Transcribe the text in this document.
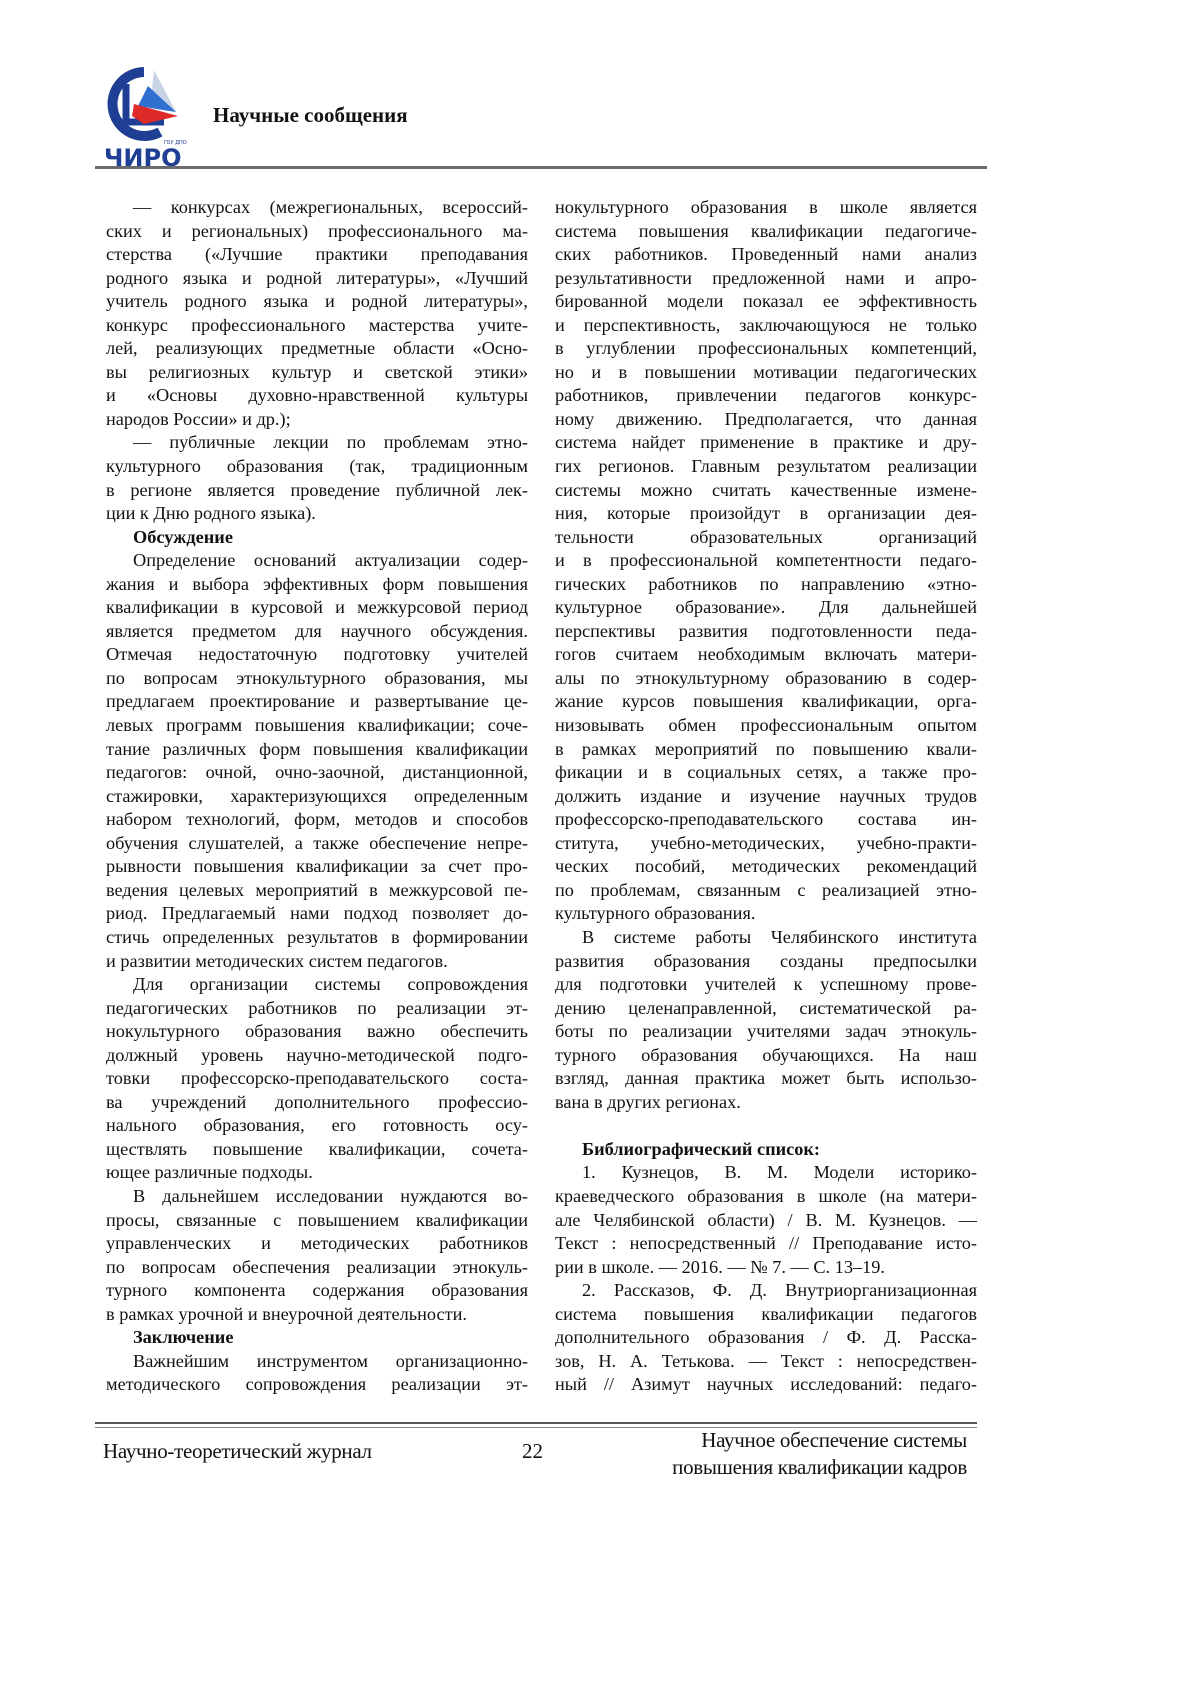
ГБУ ДПО
ЧИРО
Научные сообщения
— конкурсах (межрегиональных, всероссий-
ских и региональных) профессионального ма-
стерства («Лучшие практики преподавания
родного языка и родной литературы», «Лучший
учитель родного языка и родной литературы»,
конкурс профессионального мастерства учите-
лей, реализующих предметные области «Осно-
вы религиозных культур и светской этики»
и «Основы духовно-нравственной культуры
народов России» и др.);
— публичные лекции по проблемам этно-
культурного образования (так, традиционным
в регионе является проведение публичной лек-
ции к Дню родного языка).
Обсуждение
Определение оснований актуализации содер-
жания и выбора эффективных форм повышения
квалификации в курсовой и межкурсовой период
является предметом для научного обсуждения.
Отмечая недостаточную подготовку учителей
по вопросам этнокультурного образования, мы
предлагаем проектирование и развертывание це-
левых программ повышения квалификации; соче-
тание различных форм повышения квалификации
педагогов: очной, очно-заочной, дистанционной,
стажировки, характеризующихся определенным
набором технологий, форм, методов и способов
обучения слушателей, а также обеспечение непре-
рывности повышения квалификации за счет про-
ведения целевых мероприятий в межкурсовой пе-
риод. Предлагаемый нами подход позволяет до-
стичь определенных результатов в формировании
и развитии методических систем педагогов.
Для организации системы сопровождения
педагогических работников по реализации эт-
нокультурного образования важно обеспечить
должный уровень научно-методической подго-
товки профессорско-преподавательского соста-
ва учреждений дополнительного профессио-
нального образования, его готовность осу-
ществлять повышение квалификации, сочета-
ющее различные подходы.
В дальнейшем исследовании нуждаются во-
просы, связанные с повышением квалификации
управленческих и методических работников
по вопросам обеспечения реализации этнокуль-
турного компонента содержания образования
в рамках урочной и внеурочной деятельности.
Заключение
Важнейшим инструментом организационно-
методического сопровождения реализации эт-
нокультурного образования в школе является
система повышения квалификации педагогиче-
ских работников. Проведенный нами анализ
результативности предложенной нами и апро-
бированной модели показал ее эффективность
и перспективность, заключающуюся не только
в углублении профессиональных компетенций,
но и в повышении мотивации педагогических
работников, привлечении педагогов конкурс-
ному движению. Предполагается, что данная
система найдет применение в практике и дру-
гих регионов. Главным результатом реализации
системы можно считать качественные измене-
ния, которые произойдут в организации дея-
тельности образовательных организаций
и в профессиональной компетентности педаго-
гических работников по направлению «этно-
культурное образование». Для дальнейшей
перспективы развития подготовленности педа-
гогов считаем необходимым включать матери-
алы по этнокультурному образованию в содер-
жание курсов повышения квалификации, орга-
низовывать обмен профессиональным опытом
в рамках мероприятий по повышению квали-
фикации и в социальных сетях, а также про-
должить издание и изучение научных трудов
профессорско-преподавательского состава ин-
ститута, учебно-методических, учебно-практи-
ческих пособий, методических рекомендаций
по проблемам, связанным с реализацией этно-
культурного образования.
В системе работы Челябинского института
развития образования созданы предпосылки
для подготовки учителей к успешному прове-
дению целенаправленной, систематической ра-
боты по реализации учителями задач этнокуль-
турного образования обучающихся. На наш
взгляд, данная практика может быть использо-
вана в других регионах.
Библиографический список:
1. Кузнецов, В. М. Модели историко-
краеведческого образования в школе (на матери-
але Челябинской области) / В. М. Кузнецов. —
Текст : непосредственный // Преподавание исто-
рии в школе. — 2016. — № 7. — С. 13–19.
2. Рассказов, Ф. Д. Внутриорганизационная
система повышения квалификации педагогов
дополнительного образования / Ф. Д. Расска-
зов, Н. А. Тетькова. — Текст : непосредствен-
ный // Азимут научных исследований: педаго-
Научно-теоретический журнал	22	Научное обеспечение системы
повышения квалификации кадров
